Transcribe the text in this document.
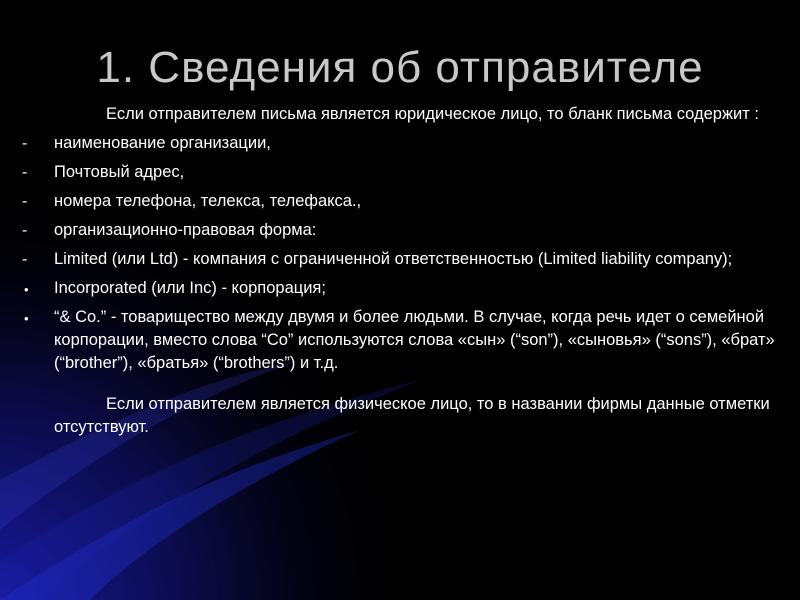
1. Сведения об отправителе

Если отправителем письма является юридическое лицо, то бланк письма содержит :

-	наименование организации,
-	Почтовый адрес,
-	номера телефона, телекса, телефакса.,
-	организационно-правовая форма:
-	Limited (или Ltd) - компания с ограниченной ответственностью (Limited liability company);
•	Incorporated (или Inc) - корпорация;
•	“& Co.” - товарищество между двумя и более людьми. В случае, когда речь идет о семейной корпорации, вместо слова “Co” используются слова «сын» (“son”), «сыновья» (“sons”), «брат» (“brother”), «братья» (“brothers”) и т.д.

Если отправителем является физическое лицо, то в названии фирмы данные отметки отсутствуют.
